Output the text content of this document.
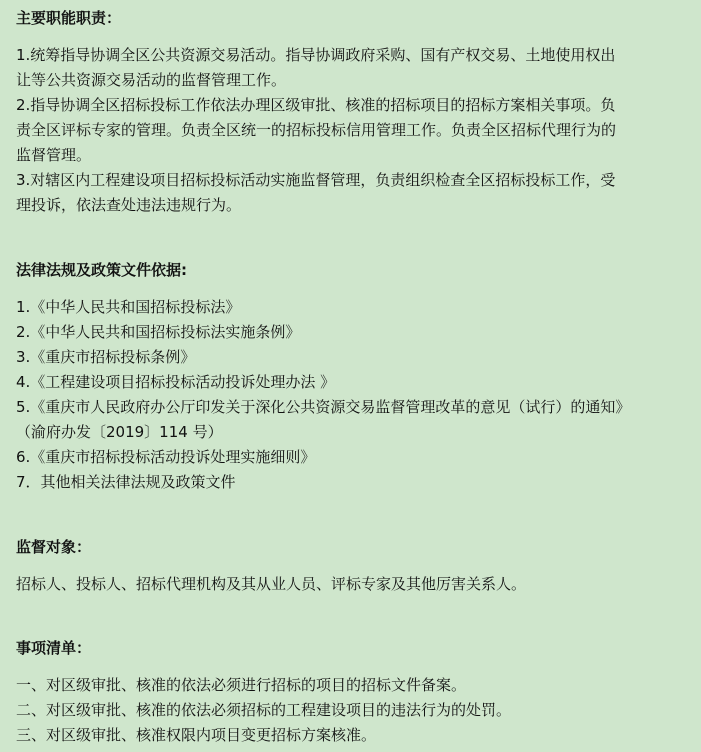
主要职能职责：

1.统筹指导协调全区公共资源交易活动。指导协调政府采购、国有产权交易、土地使用权出

让等公共资源交易活动的监督管理工作。

2.指导协调全区招标投标工作依法办理区级审批、核准的招标项目的招标方案相关事项。负

责全区评标专家的管理。负责全区统一的招标投标信用管理工作。负责全区招标代理行为的

监督管理。

3.对辖区内工程建设项目招标投标活动实施监督管理，负责组织检查全区招标投标工作，受

理投诉，依法查处违法违规行为。

法律法规及政策文件依据:

1.《中华人民共和国招标投标法》

2.《中华人民共和国招标投标法实施条例》

3.《重庆市招标投标条例》

4.《工程建设项目招标投标活动投诉处理办法 》

5.《重庆市人民政府办公厅印发关于深化公共资源交易监督管理改革的意见（试行）的通知》

（渝府办发〔2019〕114 号）

6.《重庆市招标投标活动投诉处理实施细则》

7．其他相关法律法规及政策文件

监督对象：

招标人、投标人、招标代理机构及其从业人员、评标专家及其他厉害关系人。

事项清单：

一、对区级审批、核准的依法必须进行招标的项目的招标文件备案。

二、对区级审批、核准的依法必须招标的工程建设项目的违法行为的处罚。

三、对区级审批、核准权限内项目变更招标方案核准。
